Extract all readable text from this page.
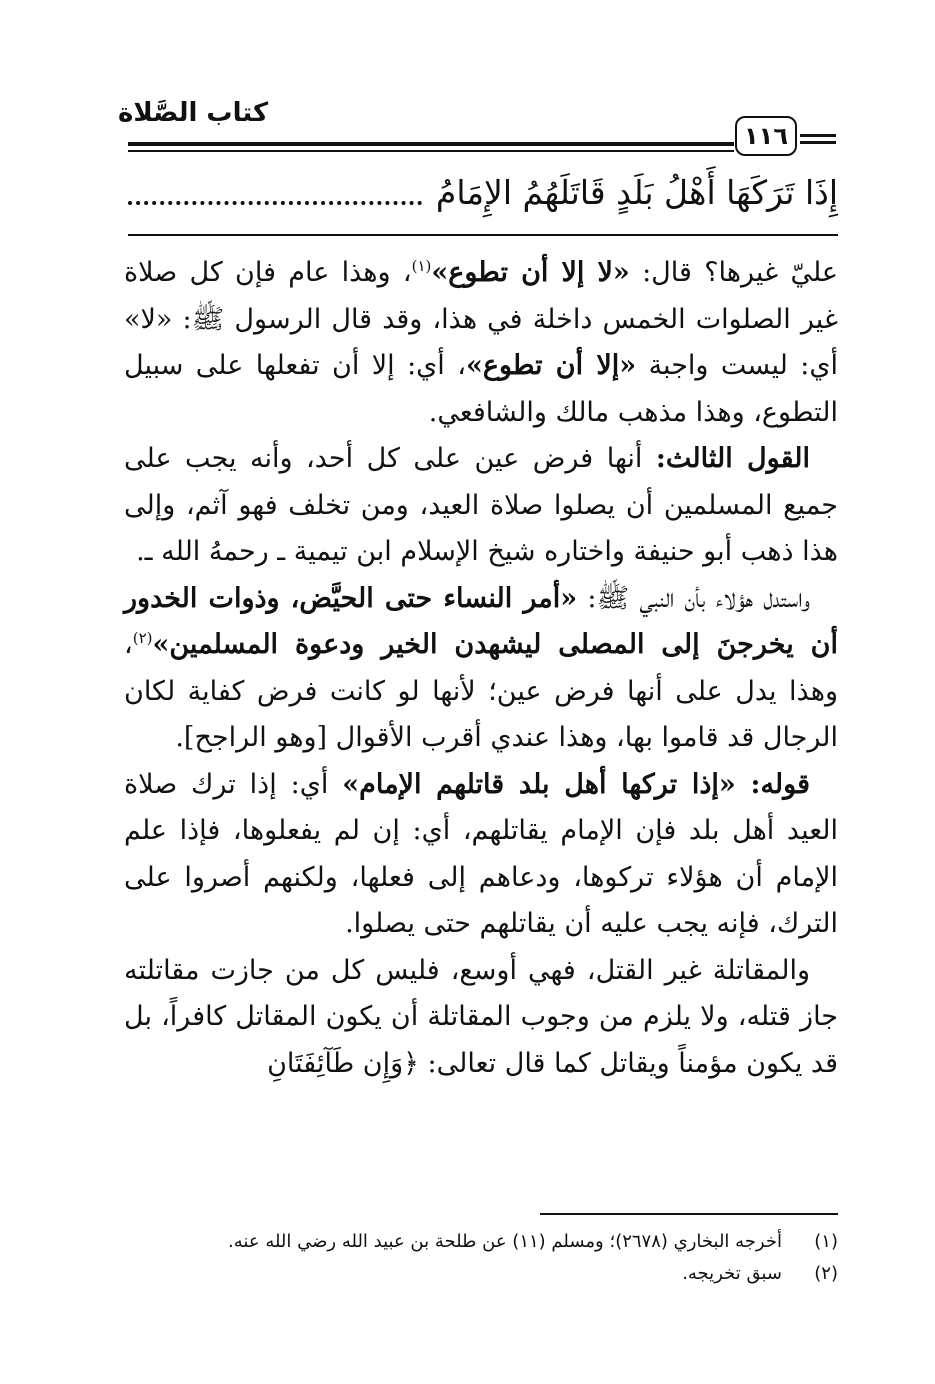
كتاب الصَّلاة
١١٦
إِذَا تَرَكَهَا أَهْلُ بَلَدٍ قَاتَلَهُمُ الإِمَامُ

عليّ غيرها؟ قال: «لا إلا أن تطوع»$^{(١)}$، وهذا عام فإن كل صلاة غير الصلوات الخمس داخلة في هذا، وقد قال الرسول ﷺ: «لا» أي: ليست واجبة «إلا أن تطوع»، أي: إلا أن تفعلها على سبيل التطوع، وهذا مذهب مالك والشافعي.

القول الثالث: أنها فرض عين على كل أحد، وأنه يجب على جميع المسلمين أن يصلوا صلاة العيد، ومن تخلف فهو آثم، وإلى هذا ذهب أبو حنيفة واختاره شيخ الإسلام ابن تيمية ـ رحمهُ الله ـ.

واستدل هؤلاء بأن النبي ﷺ: «أمر النساء حتى الحيَّض، وذوات الخدور أن يخرجنَ إلى المصلى ليشهدن الخير ودعوة المسلمين»$^{(٢)}$، وهذا يدل على أنها فرض عين؛ لأنها لو كانت فرض كفاية لكان الرجال قد قاموا بها، وهذا عندي أقرب الأقوال [وهو الراجح].

قوله: «إذا تركها أهل بلد قاتلهم الإمام» أي: إذا ترك صلاة العيد أهل بلد فإن الإمام يقاتلهم، أي: إن لم يفعلوها، فإذا علم الإمام أن هؤلاء تركوها، ودعاهم إلى فعلها، ولكنهم أصروا على الترك، فإنه يجب عليه أن يقاتلهم حتى يصلوا.

والمقاتلة غير القتل، فهي أوسع، فليس كل من جازت مقاتلته جاز قتله، ولا يلزم من وجوب المقاتلة أن يكون المقاتل كافراً، بل قد يكون مؤمناً ويقاتل كما قال تعالى: ﴿وَإِن طَآئِفَتَانِ

(١)
أخرجه البخاري (٢٦٧٨)؛ ومسلم (١١) عن طلحة بن عبيد الله رضي الله عنه.
(٢)
سبق تخريجه.
